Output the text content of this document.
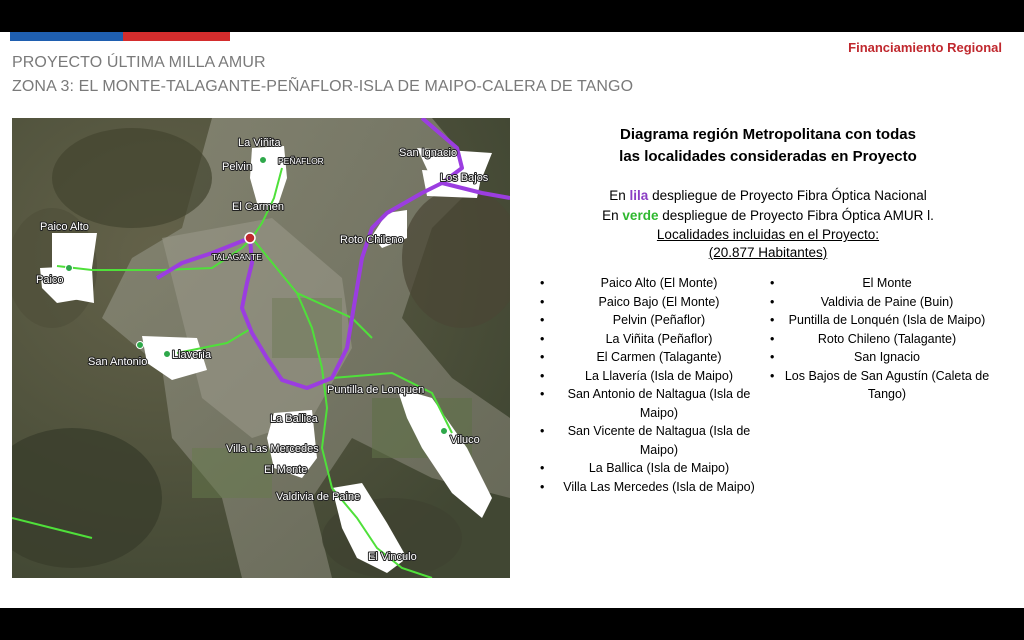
Financiamiento Regional
PROYECTO ÚLTIMA MILLA AMUR
ZONA 3: EL MONTE-TALAGANTE-PEÑAFLOR-ISLA DE MAIPO-CALERA DE TANGO
La Viñita
Pelvin	PEÑAFLOR
San Ignacio
Los Bajos
El Carmen
Paico Alto
Roto Chileno
TALAGANTE
Paico
San Antonio
Llavería
Puntilla de Lonquen
La Ballica
Villa Las Mercedes
Viluco
El Monte
Valdivia de Paine
El Vinculo
Diagrama región Metropolitana con todas las localidades consideradas en Proyecto
En lila despliegue de Proyecto Fibra Óptica Nacional
En verde despliegue de Proyecto Fibra Óptica AMUR l.
Localidades incluidas en el Proyecto:
(20.877 Habitantes)
• Paico Alto (El Monte)
• Paico Bajo (El Monte)
• Pelvin (Peñaflor)
• La Viñita (Peñaflor)
• El Carmen (Talagante)
• La Llavería (Isla de Maipo)
• San Antonio de Naltagua (Isla de Maipo)
• San Vicente de Naltagua (Isla de Maipo)
• La Ballica (Isla de Maipo)
• Villa Las Mercedes (Isla de Maipo)
• El Monte
• Valdivia de Paine (Buin)
• Puntilla de Lonquén (Isla de Maipo)
• Roto Chileno (Talagante)
• San Ignacio
• Los Bajos de San Agustín (Caleta de Tango)
